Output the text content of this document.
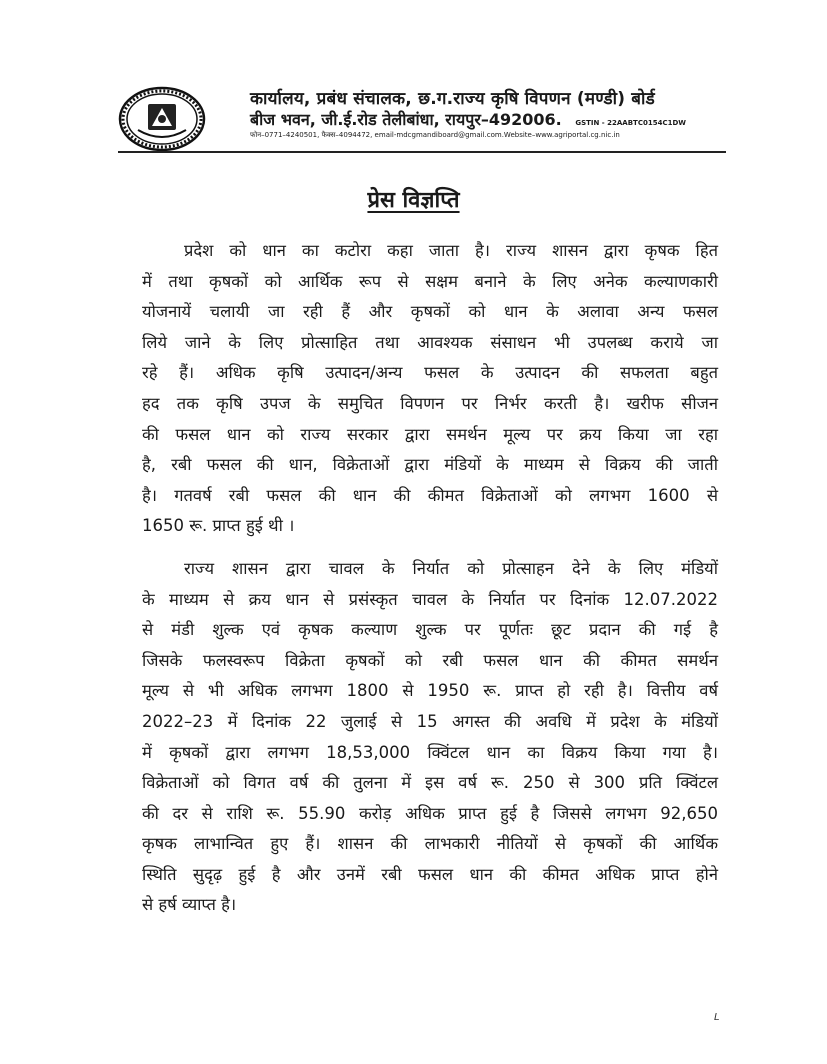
कार्यालय, प्रबंध संचालक, छ.ग.राज्य कृषि विपणन (मण्डी) बोर्ड
बीज भवन, जी.ई.रोड तेलीबांधा, रायपुर–492006. GSTIN - 22AABTC0154C1DW
फोन–0771–4240501, फैक्स–4094472, email-mdcgmandiboard@gmail.com.Website–www.agriportal.cg.nic.in
प्रेस विज्ञप्ति
प्रदेश को धान का कटोरा कहा जाता है। राज्य शासन द्वारा कृषक हित
में तथा कृषकों को आर्थिक रूप से सक्षम बनाने के लिए अनेक कल्याणकारी
योजनायें चलायी जा रही हैं और कृषकों को धान के अलावा अन्य फसल
लिये जाने के लिए प्रोत्साहित तथा आवश्यक संसाधन भी उपलब्ध कराये जा
रहे हैं। अधिक कृषि उत्पादन/अन्य फसल के उत्पादन की सफलता बहुत
हद तक कृषि उपज के समुचित विपणन पर निर्भर करती है। खरीफ सीजन
की फसल धान को राज्य सरकार द्वारा समर्थन मूल्य पर क्रय किया जा रहा
है, रबी फसल की धान, विक्रेताओं द्वारा मंडियों के माध्यम से विक्रय की जाती
है। गतवर्ष रबी फसल की धान की कीमत विक्रेताओं को लगभग 1600 से
1650 रू. प्राप्त हुई थी ।
राज्य शासन द्वारा चावल के निर्यात को प्रोत्साहन देने के लिए मंडियों
के माध्यम से क्रय धान से प्रसंस्कृत चावल के निर्यात पर दिनांक 12.07.2022
से मंडी शुल्क एवं कृषक कल्याण शुल्क पर पूर्णतः छूट प्रदान की गई है
जिसके फलस्वरूप विक्रेता कृषकों को रबी फसल धान की कीमत समर्थन
मूल्य से भी अधिक लगभग 1800 से 1950 रू. प्राप्त हो रही है। वित्तीय वर्ष
2022–23 में दिनांक 22 जुलाई से 15 अगस्त की अवधि में प्रदेश के मंडियों
में कृषकों द्वारा लगभग 18,53,000 क्विंटल धान का विक्रय किया गया है।
विक्रेताओं को विगत वर्ष की तुलना में इस वर्ष रू. 250 से 300 प्रति क्विंटल
की दर से राशि रू. 55.90 करोड़ अधिक प्राप्त हुई है जिससे लगभग 92,650
कृषक लाभान्वित हुए हैं। शासन की लाभकारी नीतियों से कृषकों की आर्थिक
स्थिति सुदृढ़ हुई है और उनमें रबी फसल धान की कीमत अधिक प्राप्त होने
से हर्ष व्याप्त है।
L
